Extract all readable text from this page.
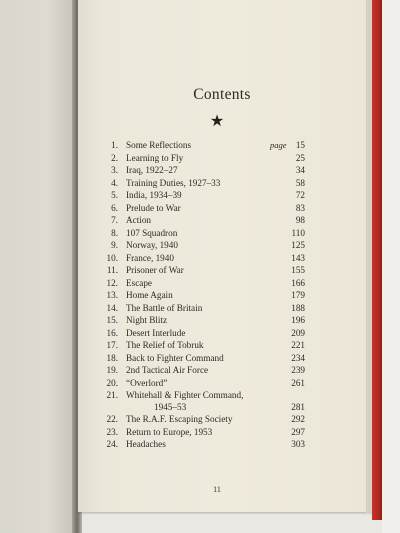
Contents
★
1. Some Reflections	page	15
2. Learning to Fly	25
3. Iraq, 1922–27	34
4. Training Duties, 1927–33	58
5. India, 1934–39	72
6. Prelude to War	83
7. Action	98
8. 107 Squadron	110
9. Norway, 1940	125
10. France, 1940	143
11. Prisoner of War	155
12. Escape	166
13. Home Again	179
14. The Battle of Britain	188
15. Night Blitz	196
16. Desert Interlude	209
17. The Relief of Tobruk	221
18. Back to Fighter Command	234
19. 2nd Tactical Air Force	239
20. “Overlord”	261
21. Whitehall & Fighter Command,
1945–53	281
22. The R.A.F. Escaping Society	292
23. Return to Europe, 1953	297
24. Headaches	303
11
